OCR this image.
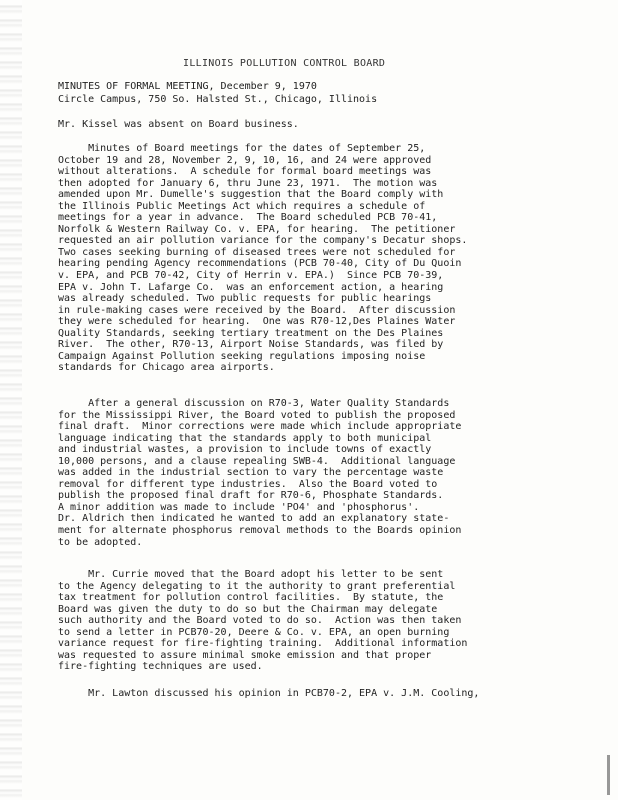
ILLINOIS POLLUTION CONTROL BOARD
MINUTES OF FORMAL MEETING, December 9, 1970
Circle Campus, 750 So. Halsted St., Chicago, Illinois
Mr. Kissel was absent on Board business.
Minutes of Board meetings for the dates of September 25,
October 19 and 28, November 2, 9, 10, 16, and 24 were approved
without alterations.  A schedule for formal board meetings was
then adopted for January 6, thru June 23, 1971.  The motion was
amended upon Mr. Dumelle's suggestion that the Board comply with
the Illinois Public Meetings Act which requires a schedule of
meetings for a year in advance.  The Board scheduled PCB 70-41,
Norfolk & Western Railway Co. v. EPA, for hearing.  The petitioner
requested an air pollution variance for the company's Decatur shops.
Two cases seeking burning of diseased trees were not scheduled for
hearing pending Agency recommendations (PCB 70-40, City of Du Quoin
v. EPA, and PCB 70-42, City of Herrin v. EPA.)  Since PCB 70-39,
EPA v. John T. Lafarge Co.  was an enforcement action, a hearing
was already scheduled. Two public requests for public hearings
in rule-making cases were received by the Board.  After discussion
they were scheduled for hearing.  One was R70-12,Des Plaines Water
Quality Standards, seeking tertiary treatment on the Des Plaines
River.  The other, R70-13, Airport Noise Standards, was filed by
Campaign Against Pollution seeking regulations imposing noise
standards for Chicago area airports.
After a general discussion on R70-3, Water Quality Standards
for the Mississippi River, the Board voted to publish the proposed
final draft.  Minor corrections were made which include appropriate
language indicating that the standards apply to both municipal
and industrial wastes, a provision to include towns of exactly
10,000 persons, and a clause repealing SWB-4.  Additional language
was added in the industrial section to vary the percentage waste
removal for different type industries.  Also the Board voted to
publish the proposed final draft for R70-6, Phosphate Standards.
A minor addition was made to include 'PO4' and 'phosphorus'.
Dr. Aldrich then indicated he wanted to add an explanatory state-
ment for alternate phosphorus removal methods to the Boards opinion
to be adopted.
Mr. Currie moved that the Board adopt his letter to be sent
to the Agency delegating to it the authority to grant preferential
tax treatment for pollution control facilities.  By statute, the
Board was given the duty to do so but the Chairman may delegate
such authority and the Board voted to do so.  Action was then taken
to send a letter in PCB70-20, Deere & Co. v. EPA, an open burning
variance request for fire-fighting training.  Additional information
was requested to assure minimal smoke emission and that proper
fire-fighting techniques are used.
Mr. Lawton discussed his opinion in PCB70-2, EPA v. J.M. Cooling,
